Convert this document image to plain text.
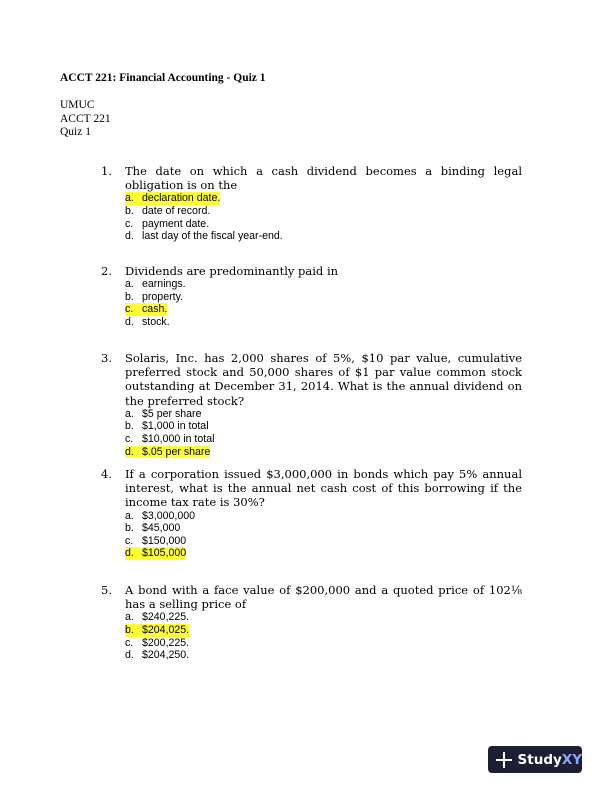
ACCT 221: Financial Accounting - Quiz 1
UMUC
ACCT 221
Quiz 1
1. The date on which a cash dividend becomes a binding legal obligation is on the
a. declaration date.
b. date of record.
c. payment date.
d. last day of the fiscal year-end.
2. Dividends are predominantly paid in
a. earnings.
b. property.
c. cash.
d. stock.
3. Solaris, Inc. has 2,000 shares of 5%, $10 par value, cumulative preferred stock and 50,000 shares of $1 par value common stock outstanding at December 31, 2014. What is the annual dividend on the preferred stock?
a. $5 per share
b. $1,000 in total
c. $10,000 in total
d. $.05 per share
4. If a corporation issued $3,000,000 in bonds which pay 5% annual interest, what is the annual net cash cost of this borrowing if the income tax rate is 30%?
a. $3,000,000
b. $45,000
c. $150,000
d. $105,000
5. A bond with a face value of $200,000 and a quoted price of 102⅛ has a selling price of
a. $240,225.
b. $204,025.
c. $200,225.
d. $204,250.
Study XY
